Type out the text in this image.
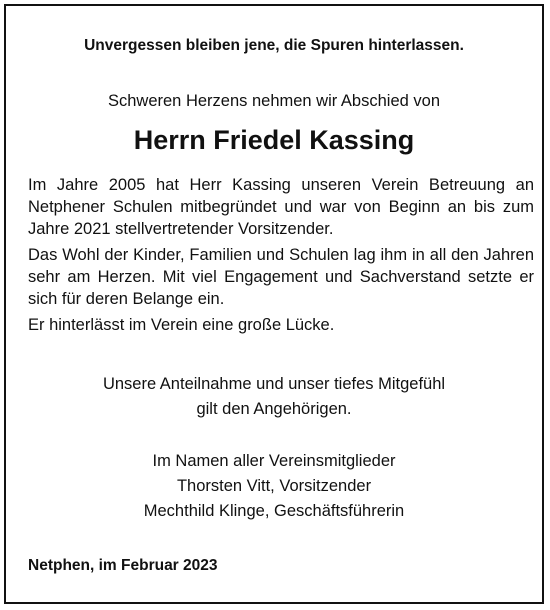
Unvergessen bleiben jene, die Spuren hinterlassen.
Schweren Herzens nehmen wir Abschied von
Herrn Friedel Kassing

Im Jahre 2005 hat Herr Kassing unseren Verein Betreuung an Netphener Schulen mitbegründet und war von Beginn an bis zum Jahre 2021 stellvertretender Vorsitzender.

Das Wohl der Kinder, Familien und Schulen lag ihm in all den Jahren sehr am Herzen. Mit viel Engagement und Sachverstand setzte er sich für deren Belange ein.

Er hinterlässt im Verein eine große Lücke.

Unsere Anteilnahme und unser tiefes Mitgefühl
gilt den Angehörigen.
Im Namen aller Vereinsmitglieder
Thorsten Vitt, Vorsitzender
Mechthild Klinge, Geschäftsführerin
Netphen, im Februar 2023
